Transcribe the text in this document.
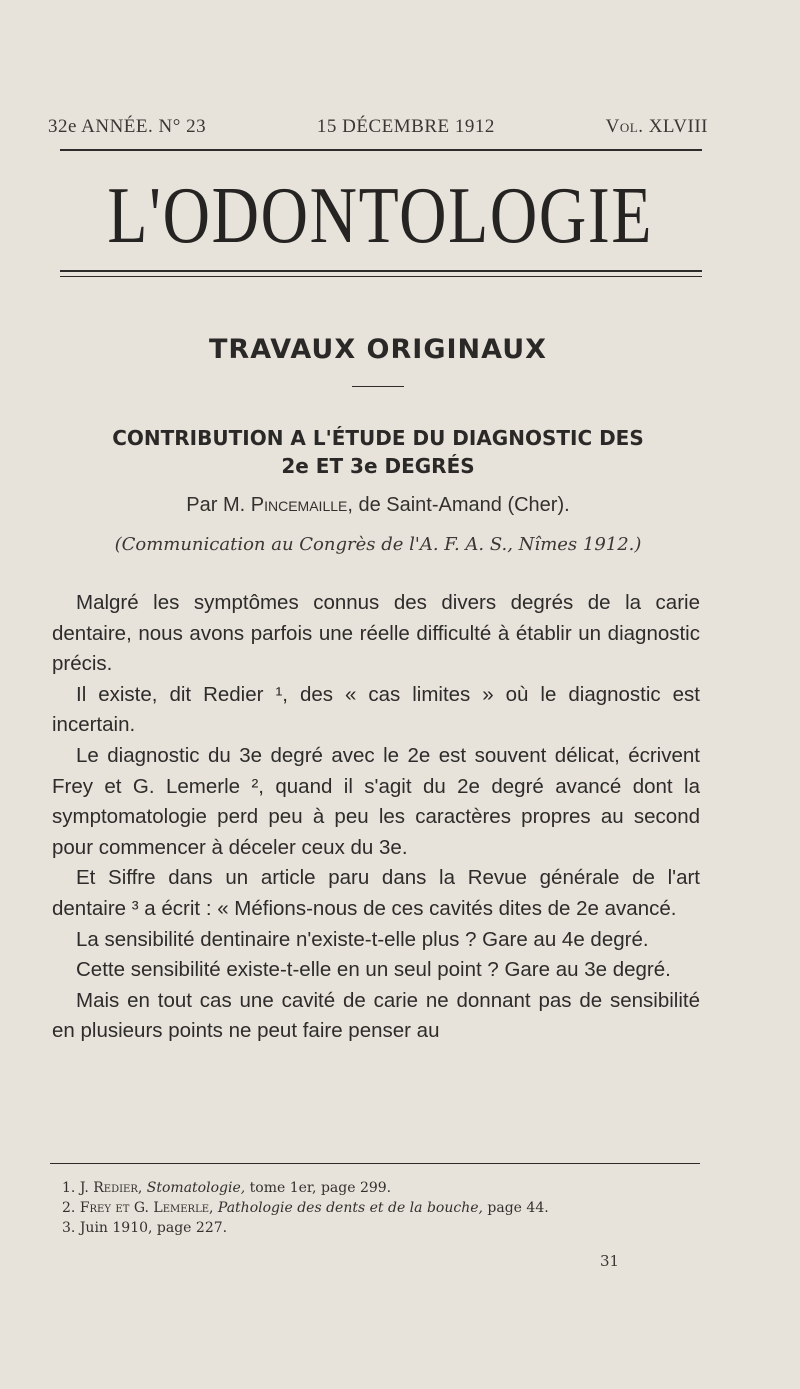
32e ANNÉE. N° 23	15 DÉCEMBRE 1912	Vol. XLVIII
L'ODONTOLOGIE
TRAVAUX ORIGINAUX
CONTRIBUTION A L'ÉTUDE DU DIAGNOSTIC DES
2e ET 3e DEGRÉS
Par M. Pincemaille, de Saint-Amand (Cher).
(Communication au Congrès de l'A. F. A. S., Nîmes 1912.)

Malgré les symptômes connus des divers degrés de la carie dentaire, nous avons parfois une réelle difficulté à établir un diagnostic précis.

Il existe, dit Redier ¹, des « cas limites » où le diagnostic est incertain.

Le diagnostic du 3e degré avec le 2e est souvent délicat, écrivent Frey et G. Lemerle ², quand il s'agit du 2e degré avancé dont la symptomatologie perd peu à peu les caractères propres au second pour commencer à déceler ceux du 3e.

Et Siffre dans un article paru dans la Revue générale de l'art dentaire ³ a écrit : « Méfions-nous de ces cavités dites de 2e avancé.

La sensibilité dentinaire n'existe-t-elle plus ? Gare au 4e degré.

Cette sensibilité existe-t-elle en un seul point ? Gare au 3e degré.

Mais en tout cas une cavité de carie ne donnant pas de sensibilité en plusieurs points ne peut faire penser au

1. J. Redier, Stomatologie, tome 1er, page 299.
2. Frey et G. Lemerle, Pathologie des dents et de la bouche, page 44.
3. Juin 1910, page 227.
31
